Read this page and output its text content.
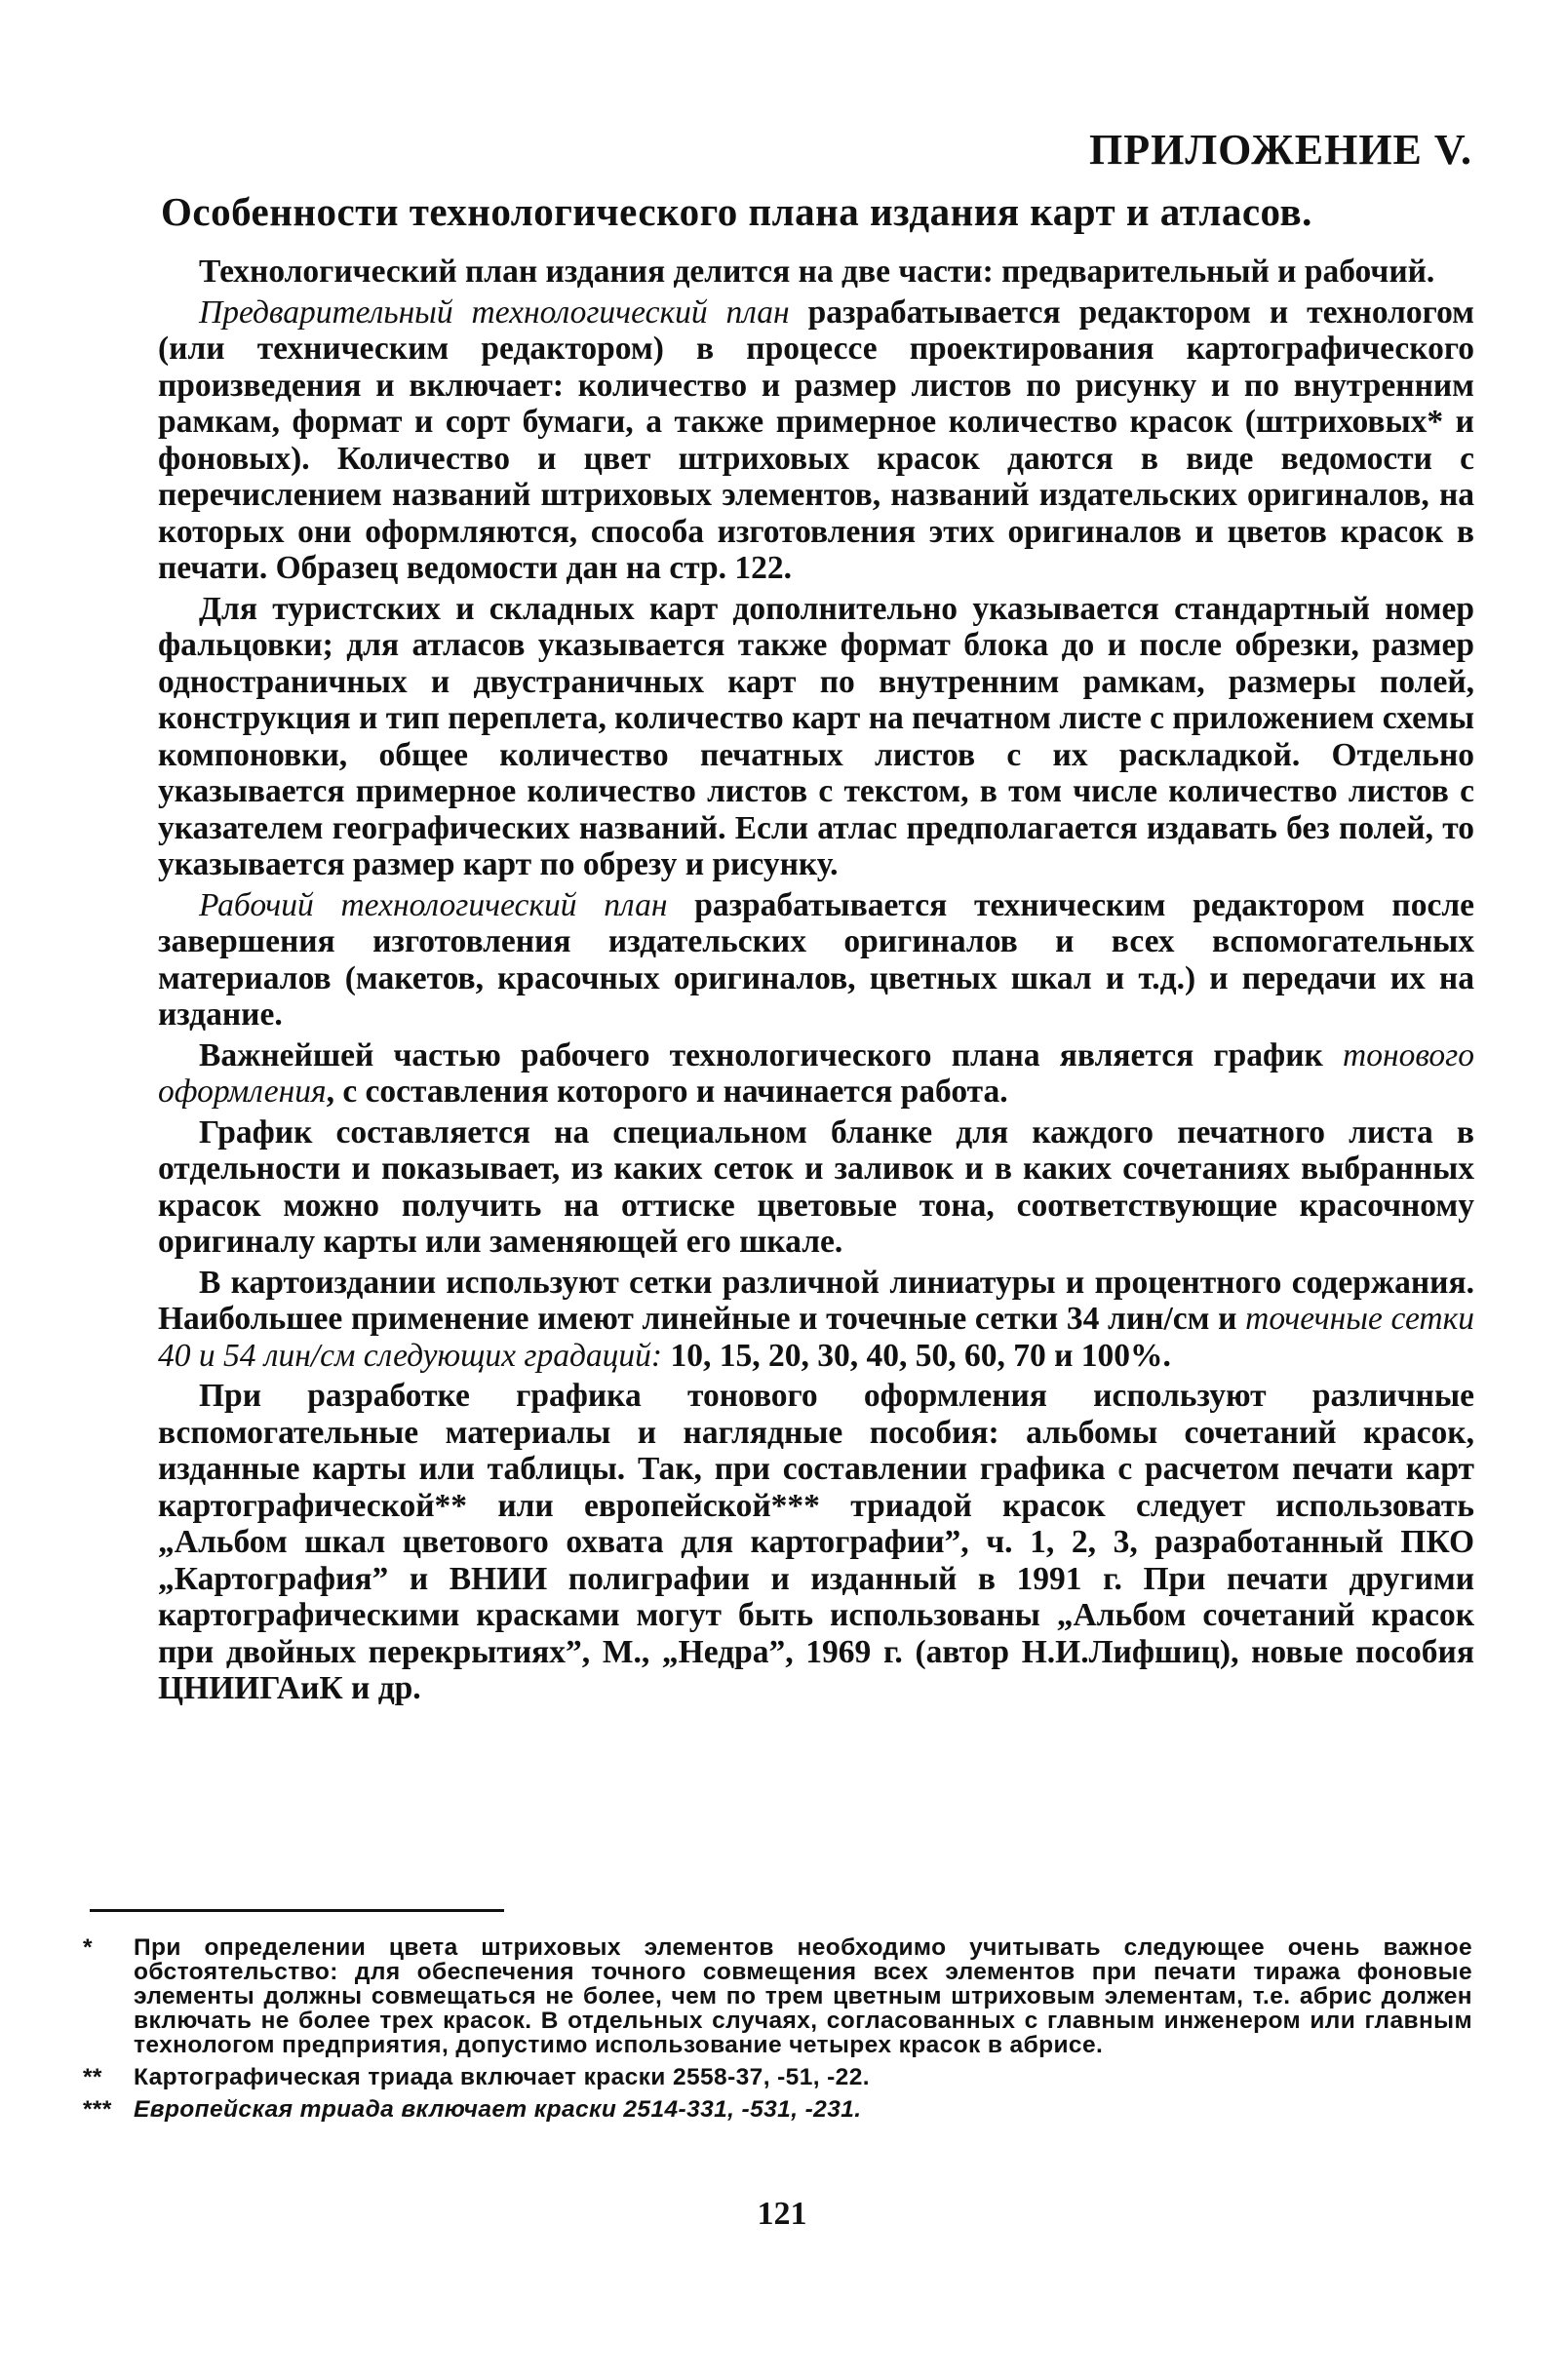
ПРИЛОЖЕНИЕ V.
Особенности технологического плана издания карт и атласов.

Технологический план издания делится на две части: предварительный и рабочий.

Предварительный технологический план разрабатывается редактором и технологом (или техническим редактором) в процессе проектирования картографического произведения и включает: количество и размер листов по рисунку и по внутренним рамкам, формат и сорт бумаги, а также примерное количество красок (штриховых* и фоновых). Количество и цвет штриховых красок даются в виде ведомости с перечислением названий штриховых элементов, названий издательских оригиналов, на которых они оформляются, способа изготовления этих оригиналов и цветов красок в печати. Образец ведомости дан на стр. 122.

Для туристских и складных карт дополнительно указывается стандартный номер фальцовки; для атласов указывается также формат блока до и после обрезки, размер одностраничных и двустраничных карт по внутренним рамкам, размеры полей, конструкция и тип переплета, количество карт на печатном листе с приложением схемы компоновки, общее количество печатных листов с их раскладкой. Отдельно указывается примерное количество листов с текстом, в том числе количество листов с указателем географических названий. Если атлас предполагается издавать без полей, то указывается размер карт по обрезу и рисунку.

Рабочий технологический план разрабатывается техническим редактором после завершения изготовления издательских оригиналов и всех вспомогательных материалов (макетов, красочных оригиналов, цветных шкал и т.д.) и передачи их на издание.

Важнейшей частью рабочего технологического плана является график тонового оформления, с составления которого и начинается работа.

График составляется на специальном бланке для каждого печатного листа в отдельности и показывает, из каких сеток и заливок и в каких сочетаниях выбранных красок можно получить на оттиске цветовые тона, соответствующие красочному оригиналу карты или заменяющей его шкале.

В картоиздании используют сетки различной линиатуры и процентного содержания. Наибольшее применение имеют линейные и точечные сетки 34 лин/см и точечные сетки 40 и 54 лин/см следующих градаций: 10, 15, 20, 30, 40, 50, 60, 70 и 100%.

При разработке графика тонового оформления используют различные вспомогательные материалы и наглядные пособия: альбомы сочетаний красок, изданные карты или таблицы. Так, при составлении графика с расчетом печати карт картографической** или европейской*** триадой красок следует использовать „Альбом шкал цветового охвата для картографии”, ч. 1, 2, 3, разработанный ПКО „Картография” и ВНИИ полиграфии и изданный в 1991 г. При печати другими картографическими красками могут быть использованы „Альбом сочетаний красок при двойных перекрытиях”, М., „Недра”, 1969 г. (автор Н.И.Лифшиц), новые пособия ЦНИИГАиК и др.

*	При определении цвета штриховых элементов необходимо учитывать следующее очень важное обстоятельство: для обеспечения точного совмещения всех элементов при печати тиража фоновые элементы должны совмещаться не более, чем по трем цветным штриховым элементам, т.е. абрис должен включать не более трех красок. В отдельных случаях, согласованных с главным инженером или главным технологом предприятия, допустимо использование четырех красок в абрисе.
**	Картографическая триада включает краски 2558-37, -51, -22.
*** Европейская триада включает краски 2514-331, -531, -231.
121
